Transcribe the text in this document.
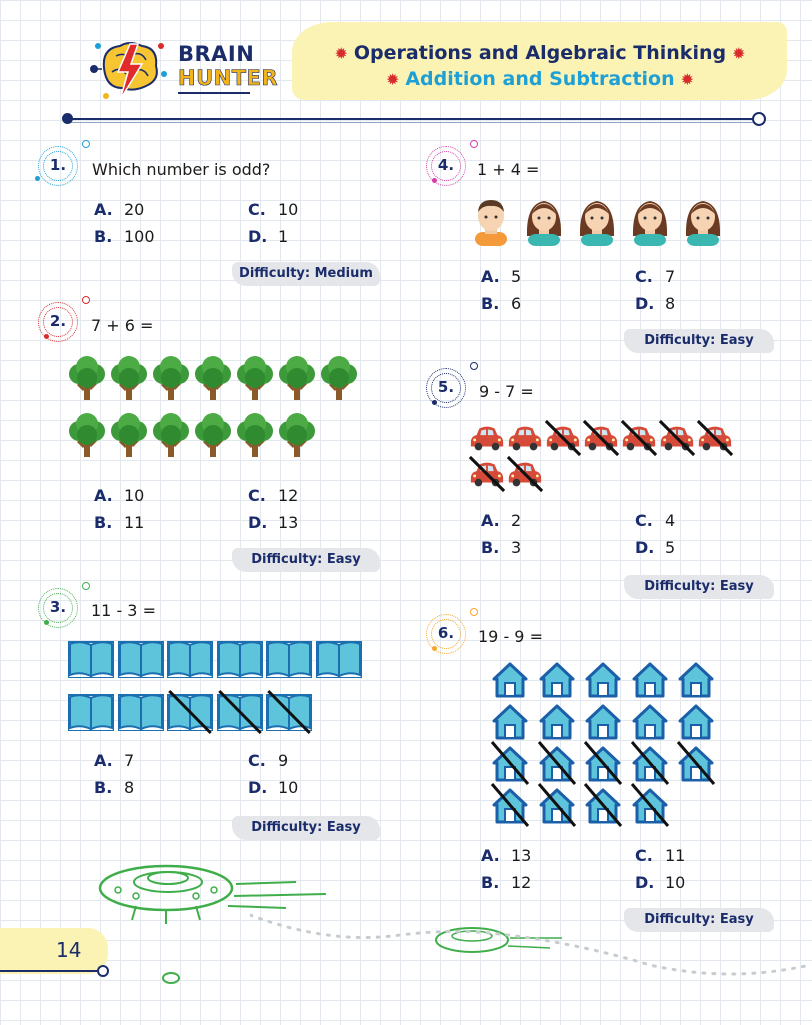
BRAIN
HUNTER
✹ Operations and Algebraic Thinking ✹
✹ Addition and Subtraction ✹
1.
2.
3.
4.
5.
6.
Which number is odd?
7 + 6 =
11 - 3 =
1 + 4 =
9 - 7 =
19 - 9 =
A. 20	C. 10
B. 100	D. 1
A. 10	C. 12
B. 11	D. 13
A. 7	C. 9
B. 8	D. 10
A. 5	C. 7
B. 6	D. 8
A. 2	C. 4
B. 3	D. 5
A. 13	C. 11
B. 12	D. 10
Difficulty: Medium
Difficulty: Easy
Difficulty: Easy
Difficulty: Easy
Difficulty: Easy
Difficulty: Easy
14
